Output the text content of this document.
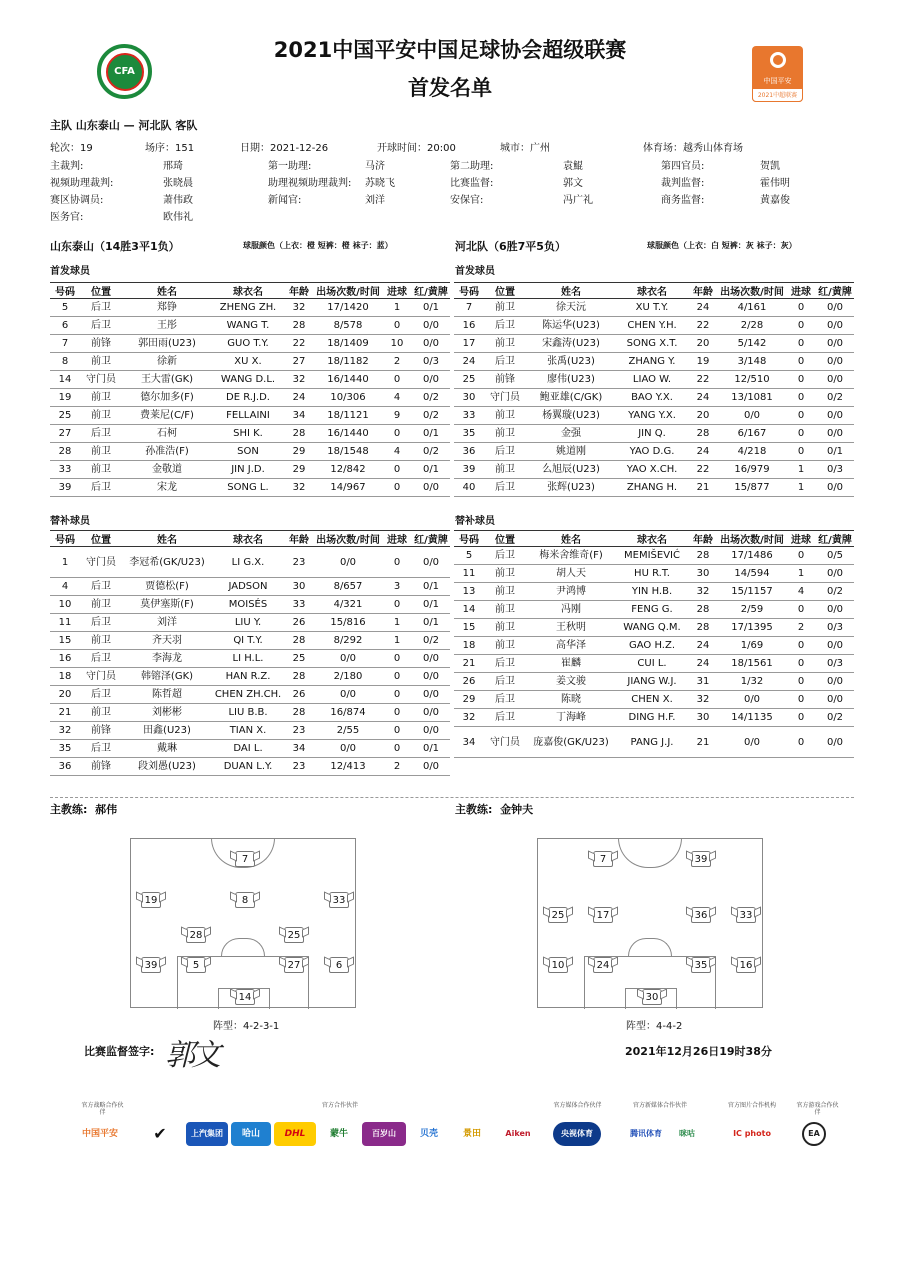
2021中国平安中国足球协会超级联赛
首发名单
CFA
中国平安
2021中超联赛
主队 山东泰山 — 河北队 客队
轮次：19	场序：151	日期：2021-12-26	开球时间：20:00	城市：广州	体育场：越秀山体育场
主裁判:	邢琦	第一助理:	马济	第二助理:	袁鯤	第四官员:	贺凯
视频助理裁判:	张晓晨	助理视频助理裁判: 苏晓飞	比赛监督:	郭文	裁判监督:	霍伟明
赛区协调员:	萧伟政	新闻官:	刘洋	安保官:	冯广礼	商务监督:	黄嘉俊
医务官:	欧伟礼
山东泰山（14胜3平1负）	球服颜色（上衣：橙 短裤：橙 袜子：蓝）	河北队（6胜7平5负）	球服颜色（上衣：白 短裤：灰 袜子：灰）
首发球员	首发球员
替补球员	替补球员
号码	位置	姓名	球衣名	年龄	出场次数/时间	进球	红/黄牌
5	后卫	郑铮	ZHENG ZH.	32	17/1420	1	0/1
6	后卫	王彤	WANG T.	28	8/578	0	0/0
7	前锋	郭田雨(U23)	GUO T.Y.	22	18/1409	10	0/0
8	前卫	徐新	XU X.	27	18/1182	2	0/3
14	守门员	王大雷(GK)	WANG D.L.	32	16/1440	0	0/0
19	前卫	德尔加多(F)	DE R.J.D.	24	10/306	4	0/2
25	前卫	费莱尼(C/F)	FELLAINI	34	18/1121	9	0/2
27	后卫	石柯	SHI K.	28	16/1440	0	0/1
28	前卫	孙准浩(F)	SON	29	18/1548	4	0/2
33	前卫	金敬道	JIN J.D.	29	12/842	0	0/1
39	后卫	宋龙	SONG L.	32	14/967	0	0/0
号码	位置	姓名	球衣名	年龄	出场次数/时间	进球	红/黄牌
7	前卫	徐天沅	XU T.Y.	24	4/161	0	0/0
16	后卫	陈运华(U23)	CHEN Y.H.	22	2/28	0	0/0
17	前卫	宋鑫涛(U23)	SONG X.T.	20	5/142	0	0/0
24	后卫	张禹(U23)	ZHANG Y.	19	3/148	0	0/0
25	前锋	廖伟(U23)	LIAO W.	22	12/510	0	0/0
30	守门员	鲍亚雄(C/GK)	BAO Y.X.	24	13/1081	0	0/2
33	前卫	杨翼璇(U23)	YANG Y.X.	20	0/0	0	0/0
35	前卫	金强	JIN Q.	28	6/167	0	0/0
36	后卫	姚道刚	YAO D.G.	24	4/218	0	0/1
39	前卫	么旭辰(U23)	YAO X.CH.	22	16/979	1	0/3
40	后卫	张辉(U23)	ZHANG H.	21	15/877	1	0/0
号码	位置	姓名	球衣名	年龄	出场次数/时间	进球	红/黄牌
1	守门员	李冠希(GK/U23)	LI G.X.	23	0/0	0	0/0
4	后卫	贾德松(F)	JADSON	30	8/657	3	0/1
10	前卫	莫伊塞斯(F)	MOISÉS	33	4/321	0	0/1
11	后卫	刘洋	LIU Y.	26	15/816	1	0/1
15	前卫	齐天羽	QI T.Y.	28	8/292	1	0/2
16	后卫	李海龙	LI H.L.	25	0/0	0	0/0
18	守门员	韩镕泽(GK)	HAN R.Z.	28	2/180	0	0/0
20	后卫	陈哲超	CHEN ZH.CH.	26	0/0	0	0/0
21	前卫	刘彬彬	LIU B.B.	28	16/874	0	0/0
32	前锋	田鑫(U23)	TIAN X.	23	2/55	0	0/0
35	后卫	戴琳	DAI L.	34	0/0	0	0/1
36	前锋	段刘愚(U23)	DUAN L.Y.	23	12/413	2	0/0
号码	位置	姓名	球衣名	年龄	出场次数/时间	进球	红/黄牌
5	后卫	梅米舍维奇(F)	MEMIŠEVIĆ	28	17/1486	0	0/5
11	前卫	胡人天	HU R.T.	30	14/594	1	0/0
13	前卫	尹鸿博	YIN H.B.	32	15/1157	4	0/2
14	前卫	冯刚	FENG G.	28	2/59	0	0/0
15	前卫	王秋明	WANG Q.M.	28	17/1395	2	0/3
18	前卫	高华泽	GAO H.Z.	24	1/69	0	0/0
21	后卫	崔麟	CUI L.	24	18/1561	0	0/3
26	后卫	姜文骏	JIANG W.J.	31	1/32	0	0/0
29	后卫	陈晓	CHEN X.	32	0/0	0	0/0
32	后卫	丁海峰	DING H.F.	30	14/1135	0	0/2
34	守门员	庞嘉俊(GK/U23)	PANG J.J.	21	0/0	0	0/0
主教练: 郝伟	主教练: 金钟夫
7
19	8	33
28	25
39	5	27	6
14
7	39
25	17	36	33
10	24	35	16
30
阵型：4-2-3-1	阵型：4-4-2
比赛监督签字: 郭文	2021年12月26日19时38分
官方战略合作伙伴
官方合作伙伴	官方媒体合作伙伴	官方新媒体合作伙伴	官方图片合作机构	官方游戏合作伙伴
中国平安	✔	上汽集团	哈山	DHL	蒙牛	百岁山	贝壳	景田	Aiken	央视体育	腾讯体育	咪咕	IC photo	EA
